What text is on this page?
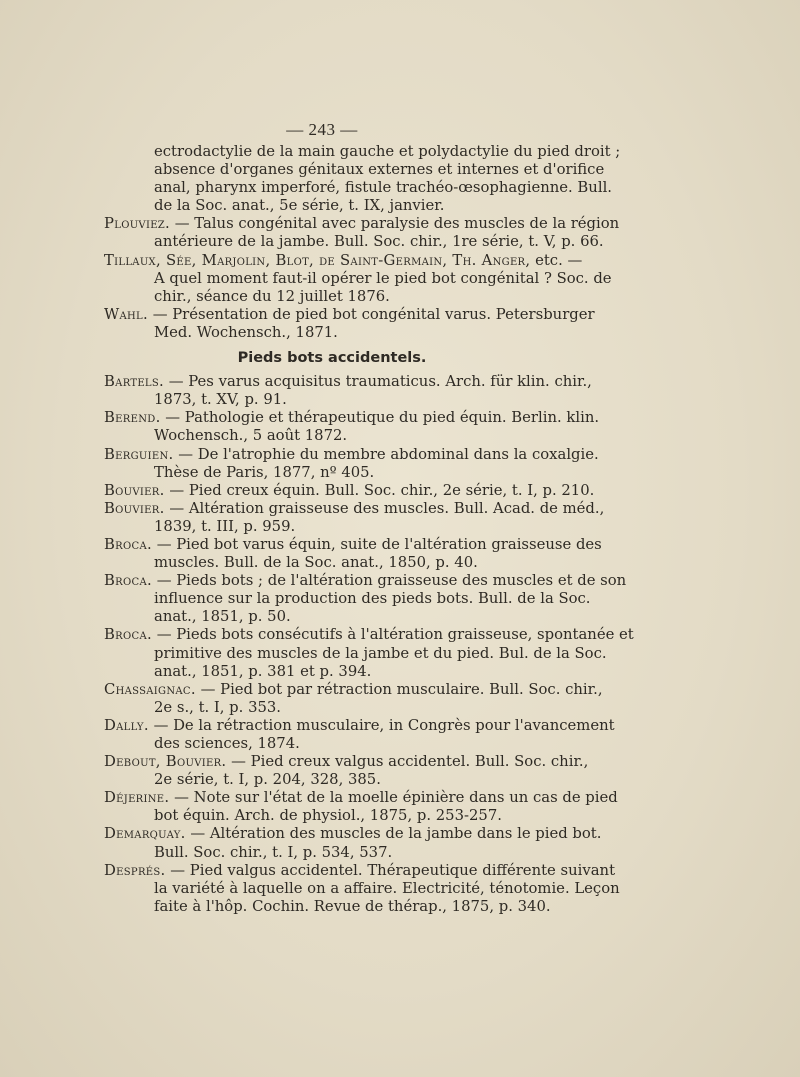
— 243 —
ectrodactylie de la main gauche et polydactylie du pied droit ;
absence d'organes génitaux externes et internes et d'orifice
anal, pharynx imperforé, fistule trachéo-œsophagienne. Bull.
de la Soc. anat., 5e série, t. IX, janvier.
Plouviez. — Talus congénital avec paralysie des muscles de la région
antérieure de la jambe. Bull. Soc. chir., 1re série, t. V, p. 66.
Tillaux, Sée, Marjolin, Blot, de Saint-Germain, Th. Anger, etc. —
A quel moment faut-il opérer le pied bot congénital ? Soc. de
chir., séance du 12 juillet 1876.
Wahl. — Présentation de pied bot congénital varus. Petersburger
Med. Wochensch., 1871.
Pieds bots accidentels.
Bartels. — Pes varus acquisitus traumaticus. Arch. für klin. chir.,
1873, t. XV, p. 91.
Berend. — Pathologie et thérapeutique du pied équin. Berlin. klin.
Wochensch., 5 août 1872.
Berguien. — De l'atrophie du membre abdominal dans la coxalgie.
Thèse de Paris, 1877, nº 405.
Bouvier. — Pied creux équin. Bull. Soc. chir., 2e série, t. I, p. 210.
Bouvier. — Altération graisseuse des muscles. Bull. Acad. de méd.,
1839, t. III, p. 959.
Broca. — Pied bot varus équin, suite de l'altération graisseuse des
muscles. Bull. de la Soc. anat., 1850, p. 40.
Broca. — Pieds bots ; de l'altération graisseuse des muscles et de son
influence sur la production des pieds bots. Bull. de la Soc.
anat., 1851, p. 50.
Broca. — Pieds bots consécutifs à l'altération graisseuse, spontanée et
primitive des muscles de la jambe et du pied. Bul. de la Soc.
anat., 1851, p. 381 et p. 394.
Chassaignac. — Pied bot par rétraction musculaire. Bull. Soc. chir.,
2e s., t. I, p. 353.
Dally. — De la rétraction musculaire, in Congrès pour l'avancement
des sciences, 1874.
Debout, Bouvier. — Pied creux valgus accidentel. Bull. Soc. chir.,
2e série, t. I, p. 204, 328, 385.
Déjerine. — Note sur l'état de la moelle épinière dans un cas de pied
bot équin. Arch. de physiol., 1875, p. 253-257.
Demarquay. — Altération des muscles de la jambe dans le pied bot.
Bull. Soc. chir., t. I, p. 534, 537.
Després. — Pied valgus accidentel. Thérapeutique différente suivant
la variété à laquelle on a affaire. Electricité, ténotomie. Leçon
faite à l'hôp. Cochin. Revue de thérap., 1875, p. 340.
